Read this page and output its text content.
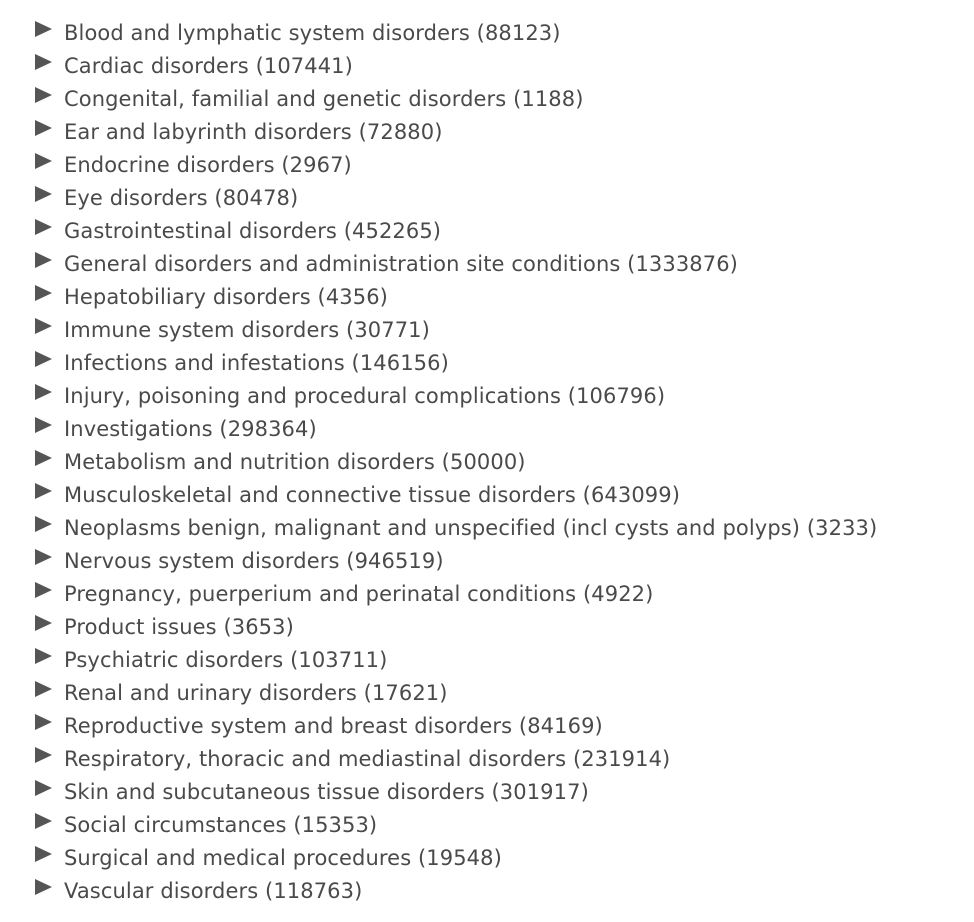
Blood and lymphatic system disorders (88123)
Cardiac disorders (107441)
Congenital, familial and genetic disorders (1188)
Ear and labyrinth disorders (72880)
Endocrine disorders (2967)
Eye disorders (80478)
Gastrointestinal disorders (452265)
General disorders and administration site conditions (1333876)
Hepatobiliary disorders (4356)
Immune system disorders (30771)
Infections and infestations (146156)
Injury, poisoning and procedural complications (106796)
Investigations (298364)
Metabolism and nutrition disorders (50000)
Musculoskeletal and connective tissue disorders (643099)
Neoplasms benign, malignant and unspecified (incl cysts and polyps) (3233)
Nervous system disorders (946519)
Pregnancy, puerperium and perinatal conditions (4922)
Product issues (3653)
Psychiatric disorders (103711)
Renal and urinary disorders (17621)
Reproductive system and breast disorders (84169)
Respiratory, thoracic and mediastinal disorders (231914)
Skin and subcutaneous tissue disorders (301917)
Social circumstances (15353)
Surgical and medical procedures (19548)
Vascular disorders (118763)
